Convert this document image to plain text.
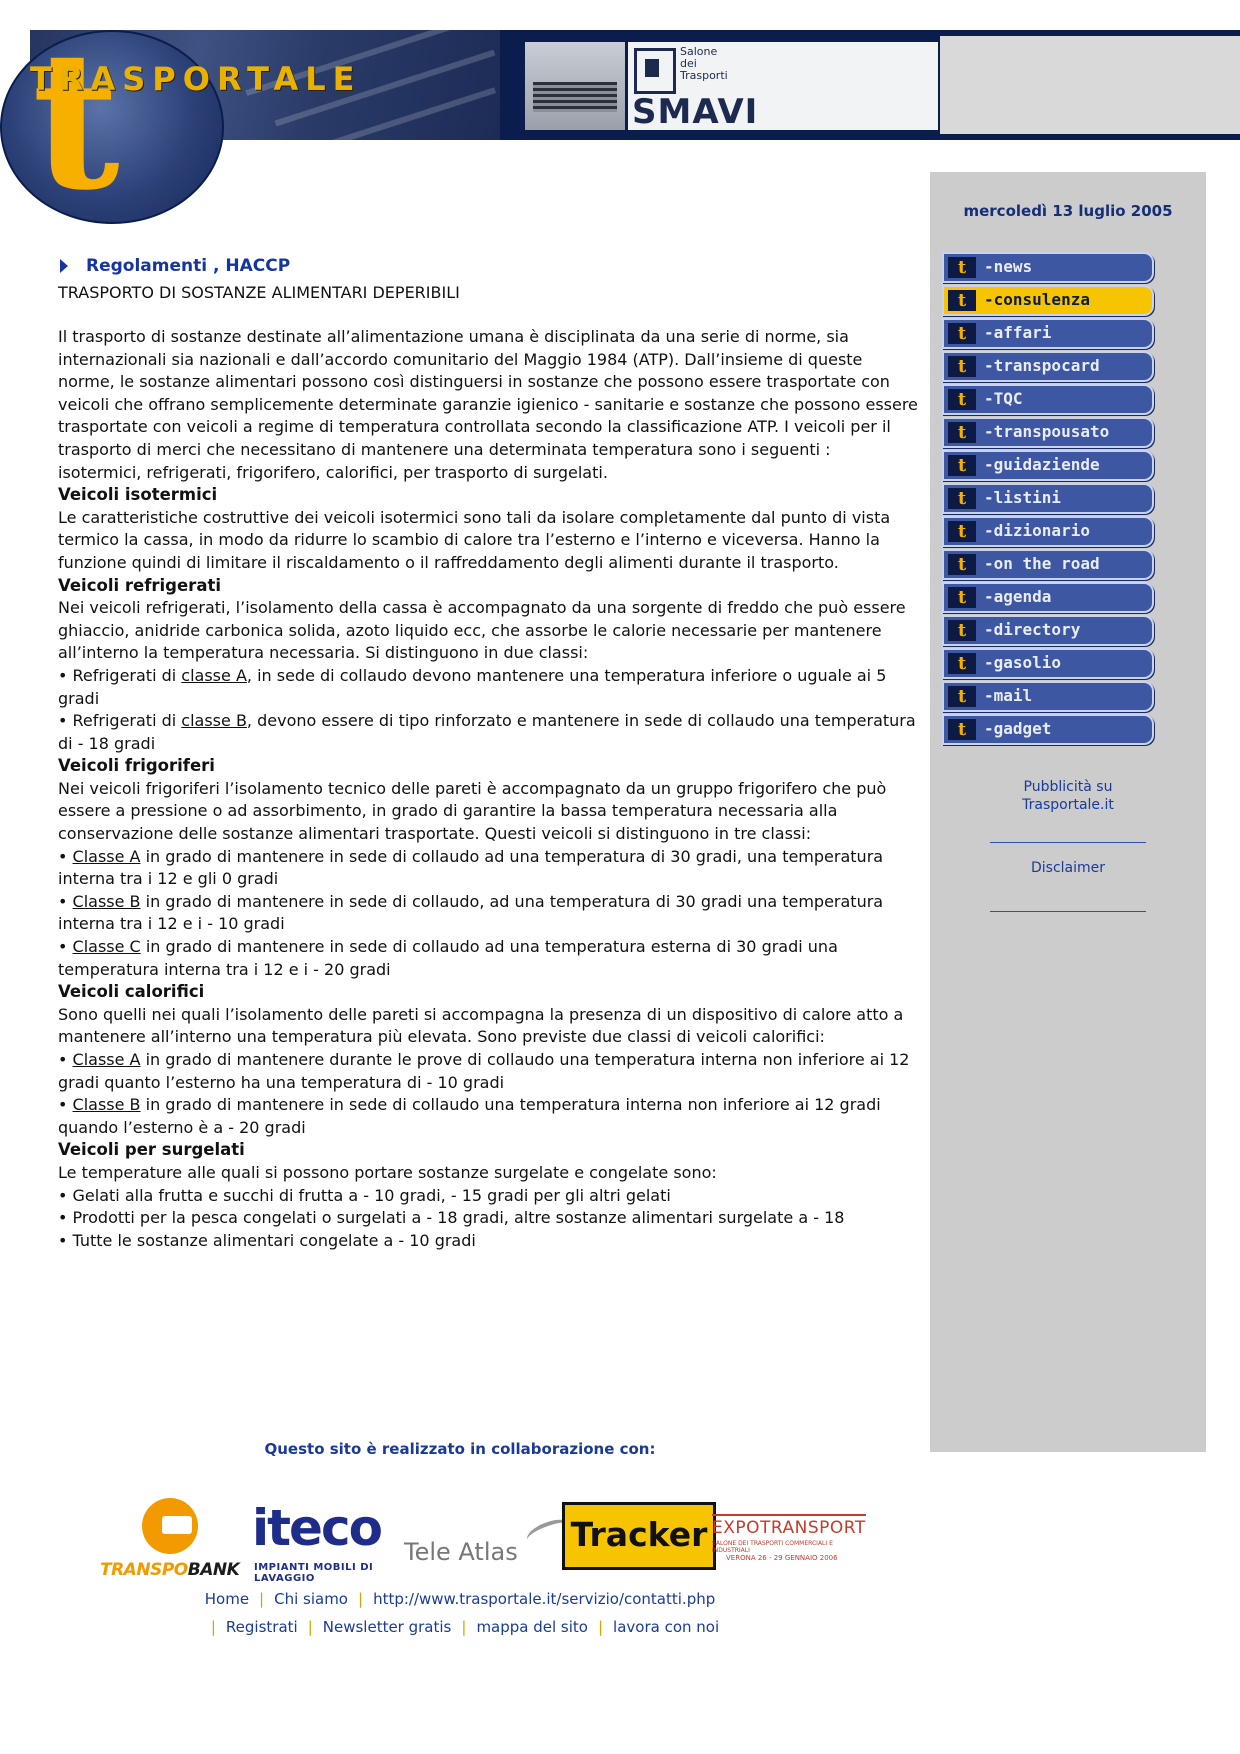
Salone
dei
Trasporti
SMAVI
t
TRASPORTALE
mercoledì 13 luglio 2005
t	-news
t	-consulenza
t	-affari
t	-transpocard
t	-TQC
t	-transpousato
t	-guidaziende
t	-listini
t	-dizionario
t	-on the road
t	-agenda
t	-directory
t	-gasolio
t	-mail
t	-gadget
Pubblicità su
Trasportale.it
Disclaimer
Regolamenti , HACCP
TRASPORTO DI SOSTANZE ALIMENTARI DEPERIBILI

Il trasporto di sostanze destinate all’alimentazione umana è disciplinata da una serie di norme, sia internazionali sia nazionali e dall’accordo comunitario del Maggio 1984 (ATP). Dall’insieme di queste norme, le sostanze alimentari possono così distinguersi in sostanze che possono essere trasportate con veicoli che offrano semplicemente determinate garanzie igienico - sanitarie e sostanze che possono essere trasportate con veicoli a regime di temperatura controllata secondo la classificazione ATP. I veicoli per il trasporto di merci che necessitano di mantenere una determinata temperatura sono i seguenti : isotermici, refrigerati, frigorifero, calorifici, per trasporto di surgelati.

Veicoli isotermici

Le caratteristiche costruttive dei veicoli isotermici sono tali da isolare completamente dal punto di vista termico la cassa, in modo da ridurre lo scambio di calore tra l’esterno e l’interno e viceversa. Hanno la funzione quindi di limitare il riscaldamento o il raffreddamento degli alimenti durante il trasporto.

Veicoli refrigerati

Nei veicoli refrigerati, l’isolamento della cassa è accompagnato da una sorgente di freddo che può essere ghiaccio, anidride carbonica solida, azoto liquido ecc, che assorbe le calorie necessarie per mantenere all’interno la temperatura necessaria. Si distinguono in due classi:

• Refrigerati di classe A, in sede di collaudo devono mantenere una temperatura inferiore o uguale ai 5 gradi

• Refrigerati di classe B, devono essere di tipo rinforzato e mantenere in sede di collaudo una temperatura di - 18 gradi

Veicoli frigoriferi

Nei veicoli frigoriferi l’isolamento tecnico delle pareti è accompagnato da un gruppo frigorifero che può essere a pressione o ad assorbimento, in grado di garantire la bassa temperatura necessaria alla conservazione delle sostanze alimentari trasportate. Questi veicoli si distinguono in tre classi:

• Classe A in grado di mantenere in sede di collaudo ad una temperatura di 30 gradi, una temperatura interna tra i 12 e gli 0 gradi

• Classe B in grado di mantenere in sede di collaudo, ad una temperatura di 30 gradi una temperatura interna tra i 12 e i - 10 gradi

• Classe C in grado di mantenere in sede di collaudo ad una temperatura esterna di 30 gradi una temperatura interna tra i 12 e i - 20 gradi

Veicoli calorifici

Sono quelli nei quali l’isolamento delle pareti si accompagna la presenza di un dispositivo di calore atto a mantenere all’interno una temperatura più elevata. Sono previste due classi di veicoli calorifici:

• Classe A in grado di mantenere durante le prove di collaudo una temperatura interna non inferiore ai 12 gradi quanto l’esterno ha una temperatura di - 10 gradi

• Classe B in grado di mantenere in sede di collaudo una temperatura interna non inferiore ai 12 gradi quando l’esterno è a - 20 gradi

Veicoli per surgelati

Le temperature alle quali si possono portare sostanze surgelate e congelate sono:

• Gelati alla frutta e succhi di frutta a - 10 gradi, - 15 gradi per gli altri gelati

• Prodotti per la pesca congelati o surgelati a - 18 gradi, altre sostanze alimentari surgelate a - 18

• Tutte le sostanze alimentari congelate a - 10 gradi

Questo sito è realizzato in collaborazione con:
TRANSPOBANK
iteco
IMPIANTI MOBILI DI LAVAGGIO
Tele Atlas Tracker EXPOTRANSPORT
SALONE DEI TRASPORTI COMMERCIALI E INDUSTRIALI
VERONA 26 - 29 GENNAIO 2006
Home | Chi siamo | http://www.trasportale.it/servizio/contatti.php
| Registrati | Newsletter gratis | mappa del sito | lavora con noi
